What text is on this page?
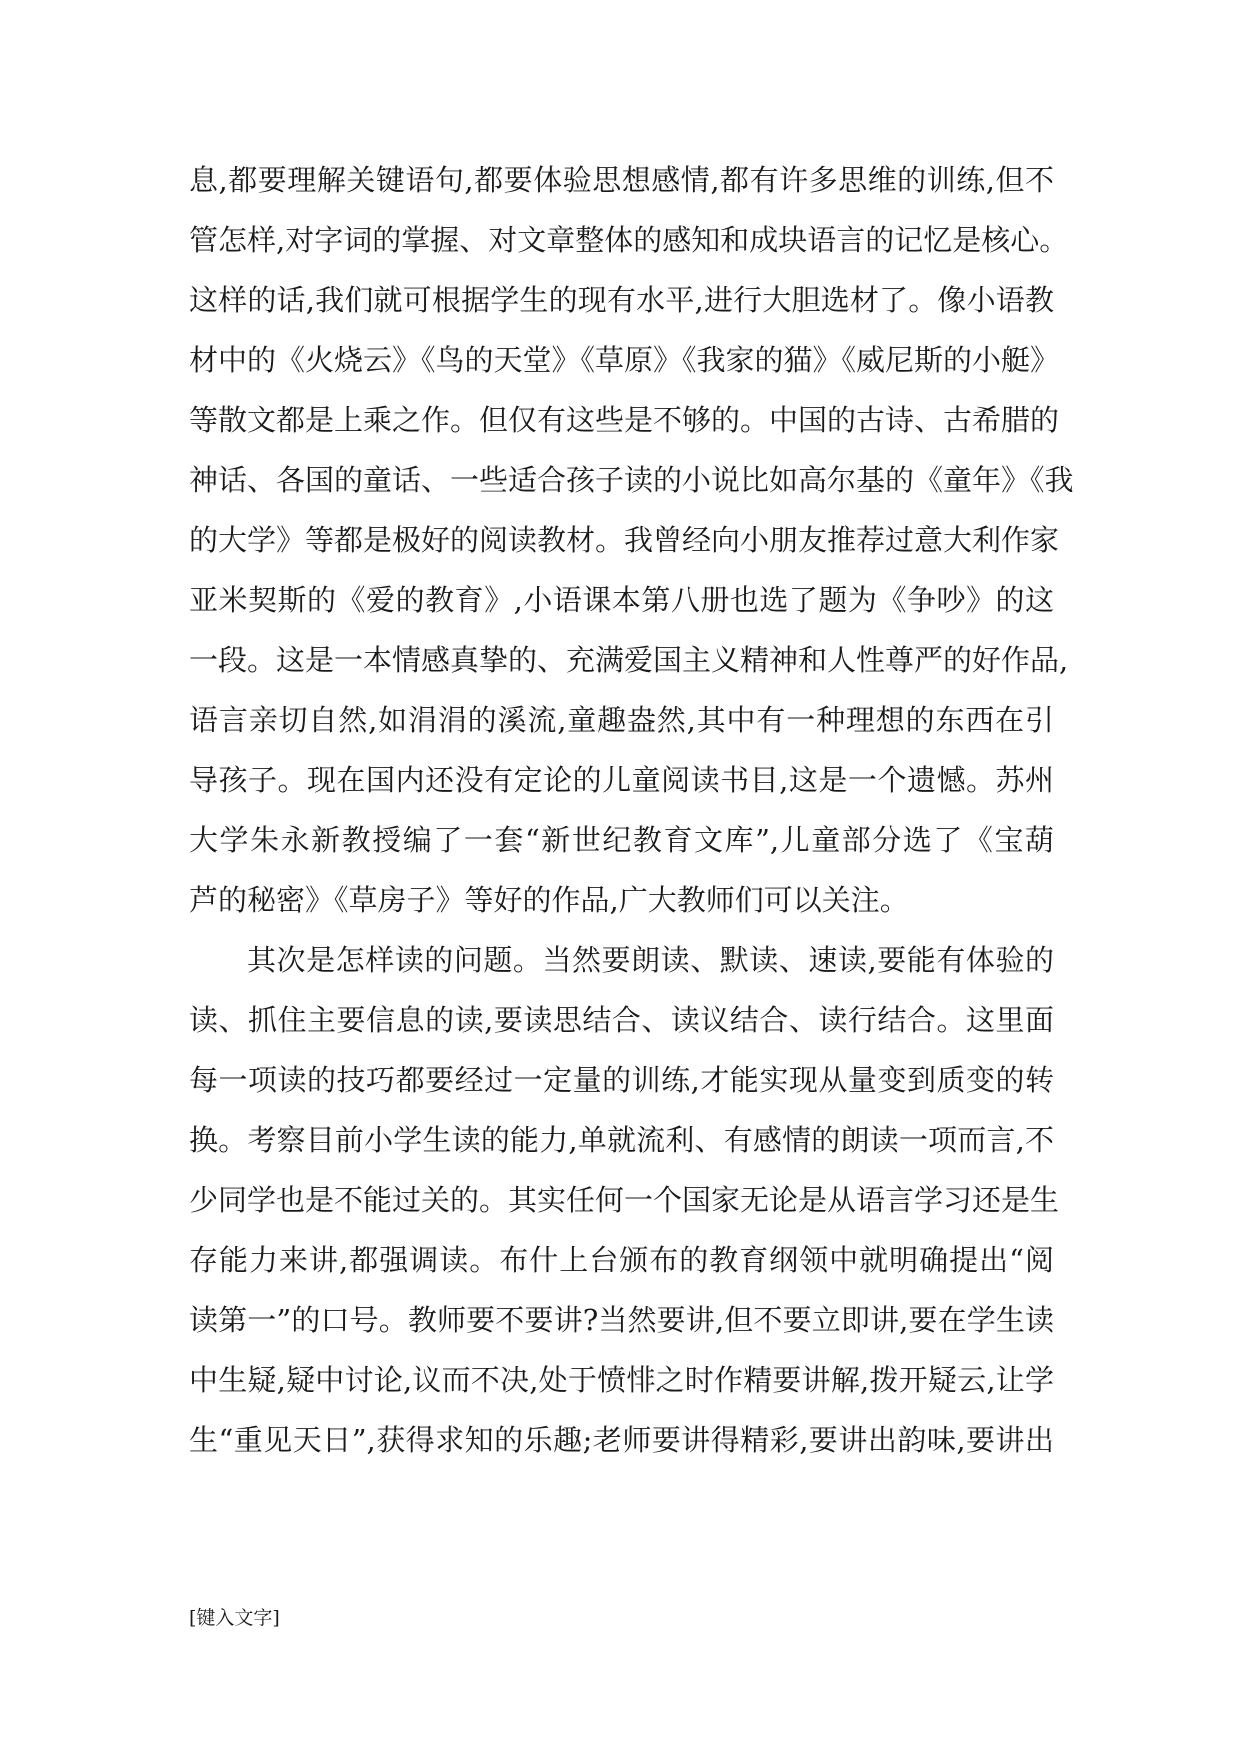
息,都要理解关键语句,都要体验思想感情,都有许多思维的训练,但不
管怎样,对字词的掌握、对文章整体的感知和成块语言的记忆是核心。
这样的话,我们就可根据学生的现有水平,进行大胆选材了。像小语教
材中的《火烧云》《鸟的天堂》《草原》《我家的猫》《威尼斯的小艇》
等散文都是上乘之作。但仅有这些是不够的。中国的古诗、古希腊的
神话、各国的童话、一些适合孩子读的小说比如高尔基的《童年》《我
的大学》等都是极好的阅读教材。我曾经向小朋友推荐过意大利作家
亚米契斯的《爱的教育》,小语课本第八册也选了题为《争吵》的这
一段。这是一本情感真挚的、充满爱国主义精神和人性尊严的好作品,
语言亲切自然,如涓涓的溪流,童趣盎然,其中有一种理想的东西在引
导孩子。现在国内还没有定论的儿童阅读书目,这是一个遗憾。苏州
大学朱永新教授编了一套“新世纪教育文库”,儿童部分选了《宝葫
芦的秘密》《草房子》等好的作品,广大教师们可以关注。
其次是怎样读的问题。当然要朗读、默读、速读,要能有体验的
读、抓住主要信息的读,要读思结合、读议结合、读行结合。这里面
每一项读的技巧都要经过一定量的训练,才能实现从量变到质变的转
换。考察目前小学生读的能力,单就流利、有感情的朗读一项而言,不
少同学也是不能过关的。其实任何一个国家无论是从语言学习还是生
存能力来讲,都强调读。布什上台颁布的教育纲领中就明确提出“阅
读第一”的口号。教师要不要讲?当然要讲,但不要立即讲,要在学生读
中生疑,疑中讨论,议而不决,处于愤悱之时作精要讲解,拨开疑云,让学
生“重见天日”,获得求知的乐趣;老师要讲得精彩,要讲出韵味,要讲出
[键入文字]
